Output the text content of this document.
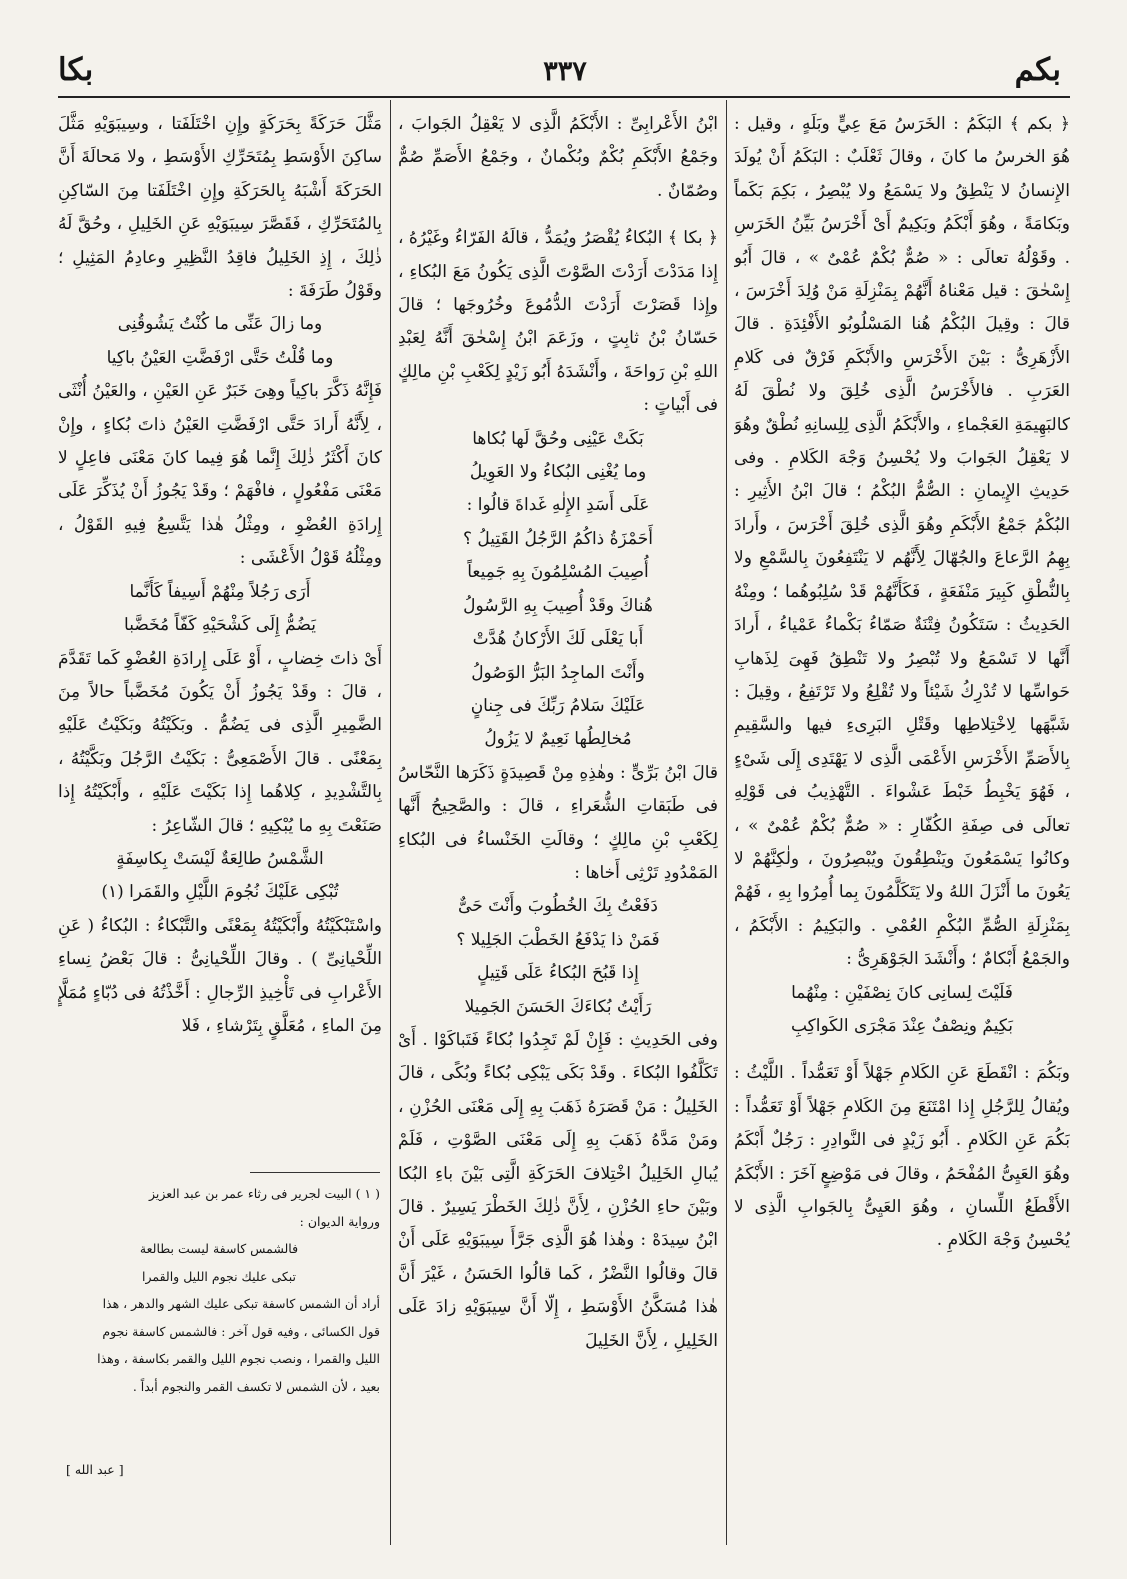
بكم
٣٣٧
بكا

﴿ بكم ﴾ البَكَمُ : الخَرَسُ مَعَ عِيٍّ وبَلَهٍ ، وقيل : هُوَ الخرسُ ما كانَ ، وقالَ ثَعْلَبٌ : البَكَمُ أَنْ يُولَدَ الإِنسانُ لا يَنْطِقُ ولا يَسْمَعُ ولا يُبْصِرُ ، بَكِمَ بَكَماً وبَكامَةً ، وهُوَ أَبْكَمُ وبَكِيمٌ أَىْ أَخْرَسُ بَيِّنُ الخَرَسِ . وقَوْلُهُ تعالَى : « صُمٌّ بُكْمٌ عُمْىٌ » ، قالَ أَبُو إِسْحٰقَ : قيل مَعْناهُ أَنَّهُمْ بِمَنْزِلَةِ مَنْ وُلِدَ أَخْرَسَ ، قالَ : وقِيلَ البُكْمُ هُنا المَسْلُوبُو الأَفْئِدَةِ . قالَ الأَزْهَرِىُّ : بَيْنَ الأَخْرَسِ والأَبْكَمِ فَرْقٌ فى كَلامِ العَرَبِ . فالأَخْرَسُ الَّذِى خُلِقَ ولا نُطْقَ لَهُ كالبَهِيمَةِ العَجْماءِ ، والأَبْكَمُ الَّذِى لِلِسانِهِ نُطْقٌ وهُوَ لا يَعْقِلُ الجَوابَ ولا يُحْسِنُ وَجْهَ الكَلامِ . وفى حَدِيثِ الإِيمانِ : الصُّمُّ البُكْمُ ؛ قالَ ابْنُ الأَثِيرِ : البُكْمُ جَمْعُ الأَبْكَمِ وهُوَ الَّذِى خُلِقَ أَخْرَسَ ، وأَرادَ بِهِمُ الرَّعاعَ والجُهّالَ لِأَنَّهُم لا يَنْتَفِعُونَ بِالسَّمْعِ ولا بِالنُّطْقِ كَبِيرَ مَنْفَعَةٍ ، فَكَأَنَّهُمْ قَدْ سُلِبُوهُما ؛ ومِنْهُ الحَدِيثُ : سَتَكُونُ فِتْنَةٌ صَمّاءُ بَكْماءُ عَمْياءُ ، أَرادَ أَنَّها لا تَسْمَعُ ولا تُبْصِرُ ولا تَنْطِقُ فَهِىَ لِذَهابِ حَواسِّها لا تُدْرِكُ شَيْئاً ولا تُقْلِعُ ولا تَرْتَفِعُ ، وقِيلَ : شَبَّهَها لِاخْتِلاطِها وقَتْلِ البَرِىءِ فيها والسَّقِيمِ بِالأَصَمِّ الأَخْرَسِ الأَعْمَى الَّذِى لا يَهْتَدِى إِلَى شَىْءٍ ، فَهُوَ يَخْبِطُ خَبْطَ عَشْواءَ . التَّهْذِيبُ فى قَوْلِهِ تعالَى فى صِفَةِ الكُفّارِ : « صُمٌّ بُكْمٌ عُمْىٌ » ، وكانُوا يَسْمَعُونَ ويَنْطِقُونَ ويُبْصِرُونَ ، ولٰكِنَّهُمْ لا يَعُونَ ما أَنْزَلَ اللهُ ولا يَتَكَلَّمُونَ بِما أُمِرُوا بِهِ ، فَهُمْ بِمَنْزِلَةِ الصُّمِّ البُكْمِ العُمْىِ . والبَكِيمُ : الأَبْكَمُ ، والجَمْعُ أَبْكامٌ ؛ وأَنْشَدَ الجَوْهَرِىُّ :

فَلَيْتَ لِسانِى كانَ نِصْفَيْنِ : مِنْهُما

بَكِيمٌ ونِصْفٌ عِنْدَ مَجْرَى الكَواكِبِ

وبَكُمَ : انْقَطَعَ عَنِ الكَلامِ جَهْلاً أَوْ تَعَمُّداً . اللَّيْثُ : ويُقالُ لِلرَّجُلِ إِذا امْتَنَعَ مِنَ الكَلامِ جَهْلاً أَوْ تَعَمُّداً : بَكُمَ عَنِ الكَلامِ . أَبُو زَيْدٍ فى النَّوادِرِ : رَجُلٌ أَبْكَمُ وهُوَ العَيِىُّ المُفْحَمُ ، وقالَ فى مَوْضِعٍ آخَرَ : الأَبْكَمُ الأَقْطَعُ اللِّسانِ ، وهُوَ العَيِىُّ بِالجَوابِ الَّذِى لا يُحْسِنُ وَجْهَ الكَلامِ .

ابْنُ الأَعْرابِىِّ : الأَبْكَمُ الَّذِى لا يَعْقِلُ الجَوابَ ، وجَمْعُ الأَبْكَمِ بُكْمٌ وبُكْمانٌ ، وجَمْعُ الأَصَمِّ صُمٌّ وصُمّانٌ .

﴿ بكا ﴾ البُكاءُ يُقْصَرُ ويُمَدُّ ، قالَهُ الفَرّاءُ وغَيْرُهُ ، إِذا مَدَدْتَ أَرَدْتَ الصَّوْتَ الَّذِى يَكُونُ مَعَ البُكاءِ ، وإِذا قَصَرْتَ أَرَدْتَ الدُّمُوعَ وخُرُوجَها ؛ قالَ حَسّانُ بْنُ ثابِتٍ ، وزَعَمَ ابْنُ إِسْحٰقَ أَنَّهُ لِعَبْدِ اللهِ بْنِ رَواحَةَ ، وأَنْشَدَهُ أَبُو زَيْدٍ لِكَعْبِ بْنِ مالِكٍ فى أَبْياتٍ :

بَكَتْ عَيْنِى وحُقَّ لَها بُكاها

وما يُغْنِى البُكاءُ ولا العَوِيلُ

عَلَى أَسَدِ الإِلٰهِ غَداةَ قالُوا :

أَحَمْزَةُ ذاكُمُ الرَّجُلُ القَتِيلُ ؟

أُصِيبَ المُسْلِمُونَ بِهِ جَمِيعاً

هُناكَ وقَدْ أُصِيبَ بِهِ الرَّسُولُ

أَبا يَعْلَى لَكَ الأَرْكانُ هُدَّتْ

وأَنْتَ الماجِدُ البَرُّ الوَصُولُ

عَلَيْكَ سَلامُ رَبِّكَ فى جِنانٍ

مُخالِطُها نَعِيمٌ لا يَزُولُ

قالَ ابْنُ بَرِّىٍّ : وهٰذِهِ مِنْ قَصِيدَةٍ ذَكَرَها النَّحّاسُ فى طَبَقاتِ الشُّعَراءِ ، قالَ : والصَّحِيحُ أَنَّها لِكَعْبِ بْنِ مالِكٍ ؛ وقالَتِ الخَنْساءُ فى البُكاءِ المَمْدُودِ تَرْثِى أَخاها :

دَفَعْتُ بِكَ الخُطُوبَ وأَنْتَ حَىٌّ

فَمَنْ ذا يَدْفَعُ الخَطْبَ الجَلِيلا ؟

إِذا قَبُحَ البُكاءُ عَلَى قَتِيلٍ

رَأَيْتُ بُكاءَكَ الحَسَنَ الجَمِيلا

وفى الحَدِيثِ : فَإِنْ لَمْ تَجِدُوا بُكاءً فَتَباكَوْا . أَىْ تَكَلَّفُوا البُكاءَ . وقَدْ بَكَى يَبْكِى بُكاءً وبُكًى ، قالَ الخَلِيلُ : مَنْ قَصَرَهُ ذَهَبَ بِهِ إِلَى مَعْنَى الحُزْنِ ، ومَنْ مَدَّهُ ذَهَبَ بِهِ إِلَى مَعْنَى الصَّوْتِ ، فَلَمْ يُبالِ الخَلِيلُ اخْتِلافَ الحَرَكَةِ الَّتِى بَيْنَ باءِ البُكا وبَيْنَ حاءِ الحُزْنِ ، لِأَنَّ ذٰلِكَ الخَطْرَ يَسِيرٌ . قالَ ابْنُ سِيدَهْ : وهٰذا هُوَ الَّذِى جَرَّأَ سِيبَوَيْهِ عَلَى أَنْ قالَ وقالُوا النَّضْرُ ، كَما قالُوا الحَسَنُ ، غَيْرَ أَنَّ هٰذا مُسَكَّنُ الأَوْسَطِ ، إِلّا أَنَّ سِيبَوَيْهِ زادَ عَلَى الخَلِيلِ ، لِأَنَّ الخَلِيلَ

مَثَّلَ حَرَكَةً بِحَرَكَةٍ وإِنِ اخْتَلَفَتا ، وسِيبَوَيْهِ مَثَّلَ ساكِنَ الأَوْسَطِ بِمُتَحَرِّكِ الأَوْسَطِ ، ولا مَحالَةَ أَنَّ الحَرَكَةَ أَشْبَهُ بِالحَرَكَةِ وإِنِ اخْتَلَفَتا مِنَ السّاكِنِ بِالمُتَحَرِّكِ ، فَقَصَّرَ سِيبَوَيْهِ عَنِ الخَلِيلِ ، وحُقَّ لَهُ ذٰلِكَ ، إِذِ الخَلِيلُ فاقِدُ النَّظِيرِ وعادِمُ المَثِيلِ ؛ وقَوْلُ طَرَفَةَ :

وما زالَ عَنِّى ما كُنْتُ يَشُوقُنِى

وما قُلْتُ حَتَّى ارْفَضَّتِ العَيْنُ باكِيا

فَإِنَّهُ ذَكَّرَ باكِياً وهِىَ خَبَرٌ عَنِ العَيْنِ ، والعَيْنُ أُنْثَى ، لِأَنَّهُ أَرادَ حَتَّى ارْفَضَّتِ العَيْنُ ذاتَ بُكاءٍ ، وإِنْ كانَ أَكْثَرُ ذٰلِكَ إِنَّما هُوَ فِيما كانَ مَعْنَى فاعِلٍ لا مَعْنَى مَفْعُولٍ ، فافْهَمْ ؛ وقَدْ يَجُوزُ أَنْ يُذَكِّرَ عَلَى إِرادَةِ العُضْوِ ، ومِثْلُ هٰذا يَتَّسِعُ فِيهِ القَوْلُ ، ومِثْلُهُ قَوْلُ الأَعْشَى :

أَرَى رَجُلاً مِنْهُمْ أَسِيفاً كَأَنَّما

يَضُمُّ إِلَى كَشْحَيْهِ كَفّاً مُخَضَّبا

أَىْ ذاتَ خِضابٍ ، أَوْ عَلَى إِرادَةِ العُضْوِ كَما تَقَدَّمَ ، قالَ : وقَدْ يَجُوزُ أَنْ يَكُونَ مُخَضَّباً حالاً مِنَ الضَّمِيرِ الَّذِى فى يَضُمُّ . وبَكَيْتُهُ وبَكَيْتُ عَلَيْهِ بِمَعْنًى . قالَ الأَصْمَعِىُّ : بَكَيْتُ الرَّجُلَ وبَكَّيْتُهُ ، بِالتَّشْدِيدِ ، كِلاهُما إِذا بَكَيْتَ عَلَيْهِ ، وأَبْكَيْتُهُ إِذا صَنَعْتَ بِهِ ما يُبْكِيهِ ؛ قالَ الشّاعِرُ :

الشَّمْسُ طالِعَةٌ لَيْسَتْ بِكاسِفَةٍ

تُبْكِى عَلَيْكَ نُجُومَ اللَّيْلِ والقَمَرا (١)

واسْتَبْكَيْتُهُ وأَبْكَيْتُهُ بِمَعْنًى والتَّبْكاءُ : البُكاءُ ( عَنِ اللِّحْيانِىِّ ) . وقالَ اللِّحْيانِىُّ : قالَ بَعْضُ نِساءِ الأَعْرابِ فى تَأْخِيذِ الرِّجالِ : أَخَّذْتُهُ فى دُبّاءٍ مُمَلَّإٍ مِنَ الماءِ ، مُعَلَّقٍ بِتَرْشاءِ ، فَلا

( ١ ) البيت لجرير فى رثاء عمر بن عبد العزيز

ورواية الديوان :

فالشمس كاسفة ليست بطالعة

تبكى عليك نجوم الليل والقمرا

أراد أن الشمس كاسفة تبكى عليك الشهر والدهر ، هذا

قول الكسائى ، وفيه قول آخر : فالشمس كاسفة نجوم

الليل والقمرا ، ونصب نجوم الليل والقمر بكاسفة ، وهذا

بعيد ، لأن الشمس لا تكسف القمر والنجوم أبداً .

[ عبد الله ]
